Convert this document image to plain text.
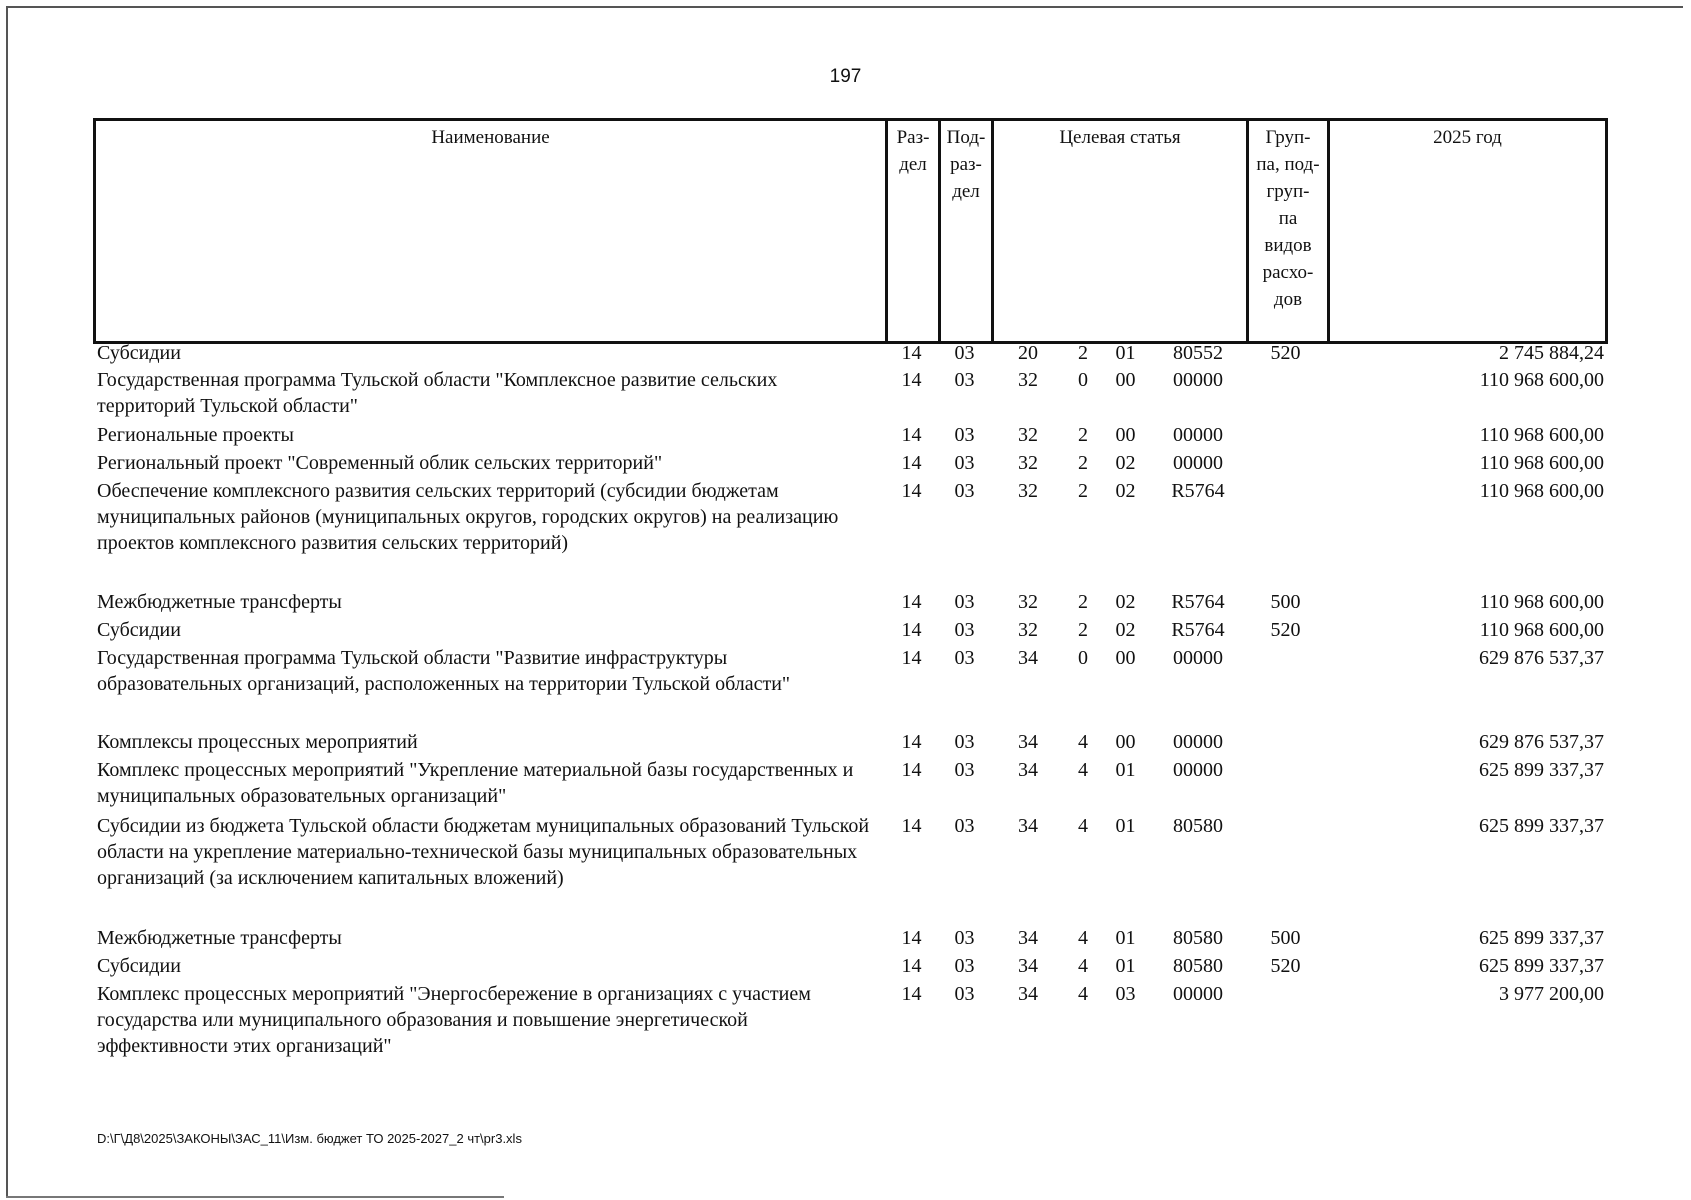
197
Наименование	Раз-
дел	Под-
раз-
дел	Целевая статья	Груп-
па, под-
груп-
па
видов
расхо-
дов	2025 год
Субсидии	14	03	20	2	01	80552	520	2 745 884,24
Государственная программа Тульской области "Комплексное развитие сельских территорий Тульской области"
14	03	32	0	00	00000	110 968 600,00
Региональные проекты	14	03	32	2	00	00000	110 968 600,00
Региональный проект "Современный облик сельских территорий"	14	03	32	2	02	00000	110 968 600,00
Обеспечение комплексного развития сельских территорий (субсидии бюджетам муниципальных районов (муниципальных округов, городских округов) на реализацию проектов комплексного развития сельских территорий)
14	03	32	2	02	R5764	110 968 600,00
Межбюджетные трансферты	14	03	32	2	02	R5764	500	110 968 600,00
Субсидии	14	03	32	2	02	R5764	520	110 968 600,00
Государственная программа Тульской области "Развитие инфраструктуры образовательных организаций, расположенных на территории Тульской области"
14	03	34	0	00	00000	629 876 537,37
Комплексы процессных мероприятий	14	03	34	4	00	00000	629 876 537,37
Комплекс процессных мероприятий "Укрепление материальной базы государственных и муниципальных образовательных организаций"
14	03	34	4	01	00000	625 899 337,37
Субсидии из бюджета Тульской области бюджетам муниципальных образований Тульской области на укрепление материально-технической базы муниципальных образовательных организаций (за исключением капитальных вложений)
14	03	34	4	01	80580	625 899 337,37
Межбюджетные трансферты	14	03	34	4	01	80580	500	625 899 337,37
Субсидии	14	03	34	4	01	80580	520	625 899 337,37
Комплекс процессных мероприятий "Энергосбережение в организациях с участием государства или муниципального образования и повышение энергетической эффективности этих организаций"
14	03	34	4	03	00000	3 977 200,00
D:\Г\Д8\2025\ЗАКОНЫ\ЗАС_11\Изм. бюджет ТО 2025-2027_2 чт\pr3.xls
